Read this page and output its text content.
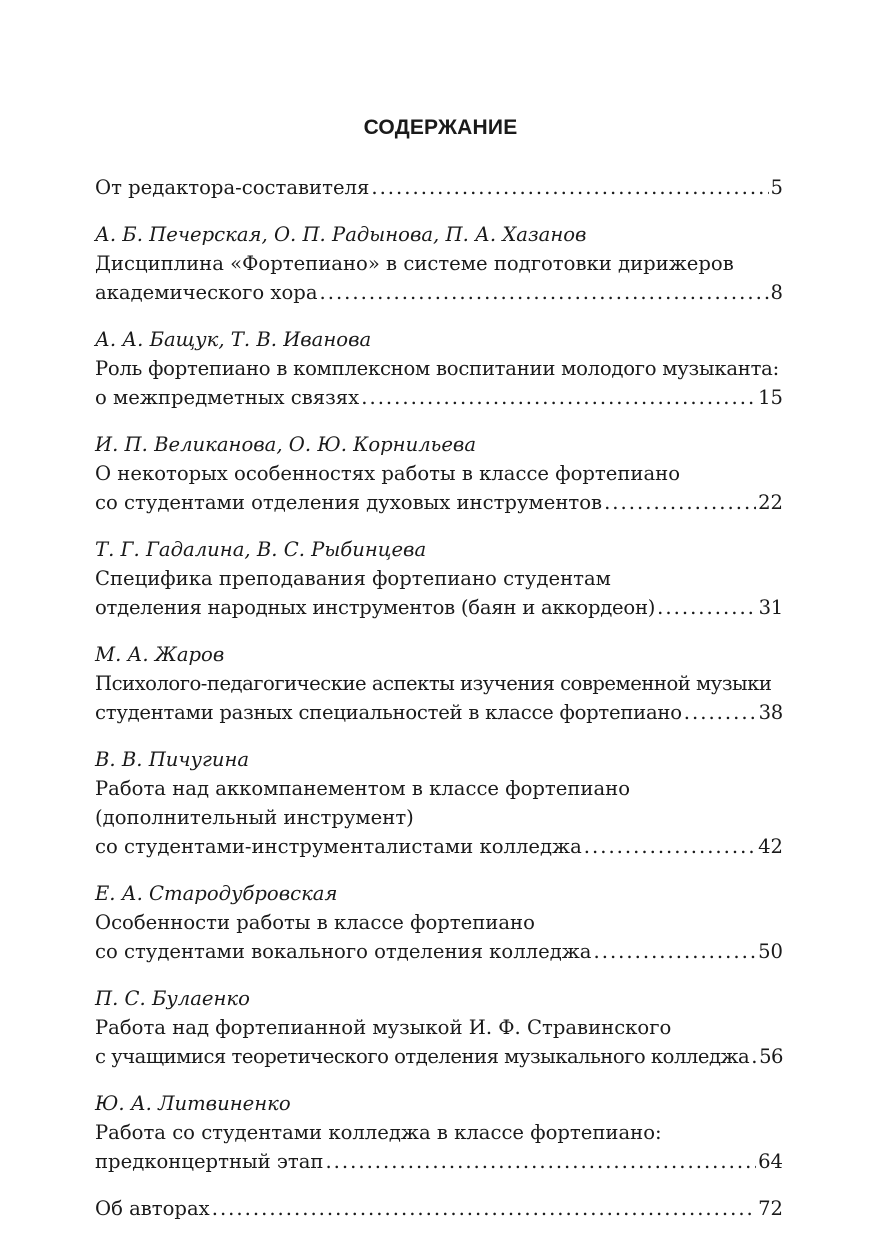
СОДЕРЖАНИЕ
От редактора-составителя .....	5
А. Б. Печерская, О. П. Радынова, П. А. Хазанов
Дисциплина «Фортепиано» в системе подготовки дирижеров
академического хора .....	8
А. А. Бащук, Т. В. Иванова
Роль фортепиано в комплексном воспитании молодого музыканта:
о межпредметных связях .....	15
И. П. Великанова, О. Ю. Корнильева
О некоторых особенностях работы в классе фортепиано
со студентами отделения духовых инструментов .....	22
Т. Г. Гадалина, В. С. Рыбинцева
Специфика преподавания фортепиано студентам
отделения народных инструментов (баян и аккордеон) .....	31
М. А. Жаров
Психолого-педагогические аспекты изучения современной музыки
студентами разных специальностей в классе фортепиано .....	38
В. В. Пичугина
Работа над аккомпанементом в классе фортепиано
(дополнительный инструмент)
со студентами-инструменталистами колледжа .....	42
Е. А. Стародубровская
Особенности работы в классе фортепиано
со студентами вокального отделения колледжа .....	50
П. С. Булаенко
Работа над фортепианной музыкой И. Ф. Стравинского
с учащимися теоретического отделения музыкального колледжа ..... 56
Ю. А. Литвиненко
Работа со студентами колледжа в классе фортепиано:
предконцертный этап .....	64
Об авторах .....	72
